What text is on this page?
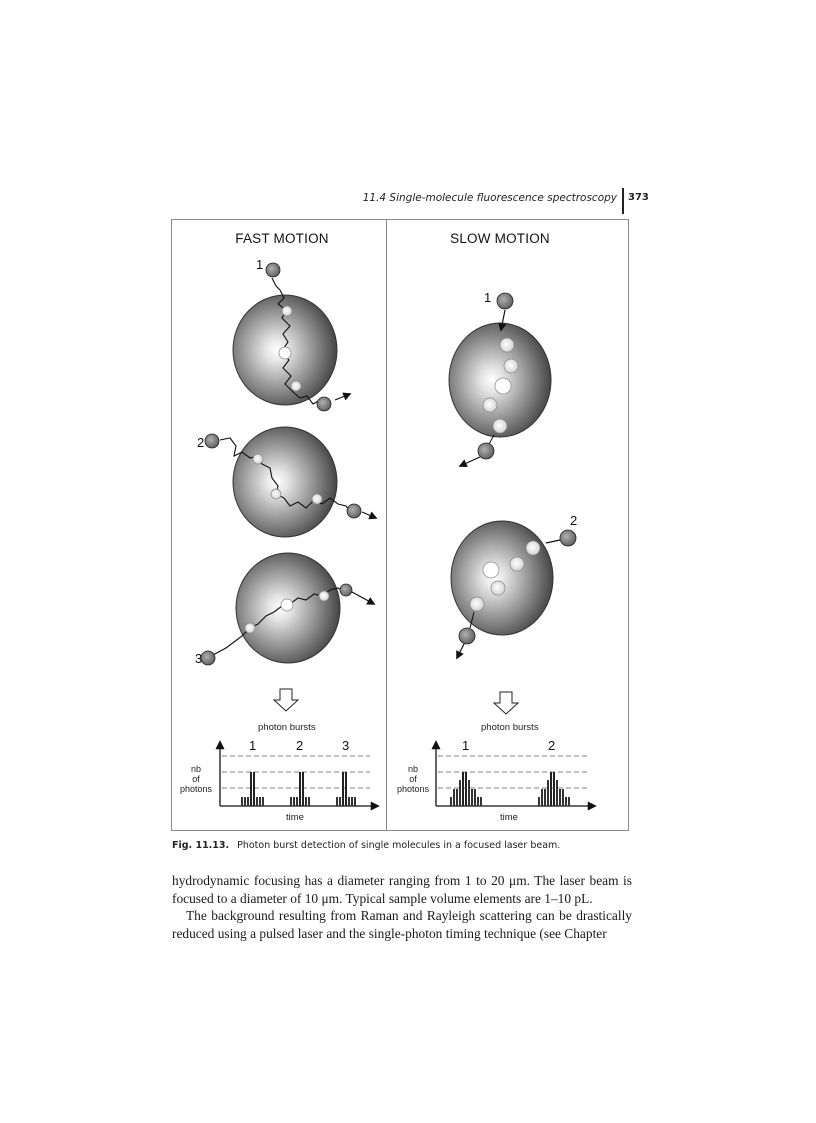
11.4 Single-molecule fluorescence spectroscopy 373
FAST MOTION	SLOW MOTION
1
2
3
1
2
photon bursts
1	2	3
nb
of
photons
time
photon bursts
1	2
nb
of
photons
time
Fig. 11.13. Photon burst detection of single molecules in a focused laser beam.

hydrodynamic focusing has a diameter ranging from 1 to 20 μm. The laser beam is focused to a diameter of 10 μm. Typical sample volume elements are 1–10 pL.

The background resulting from Raman and Rayleigh scattering can be drastically reduced using a pulsed laser and the single-photon timing technique (see Chapter
